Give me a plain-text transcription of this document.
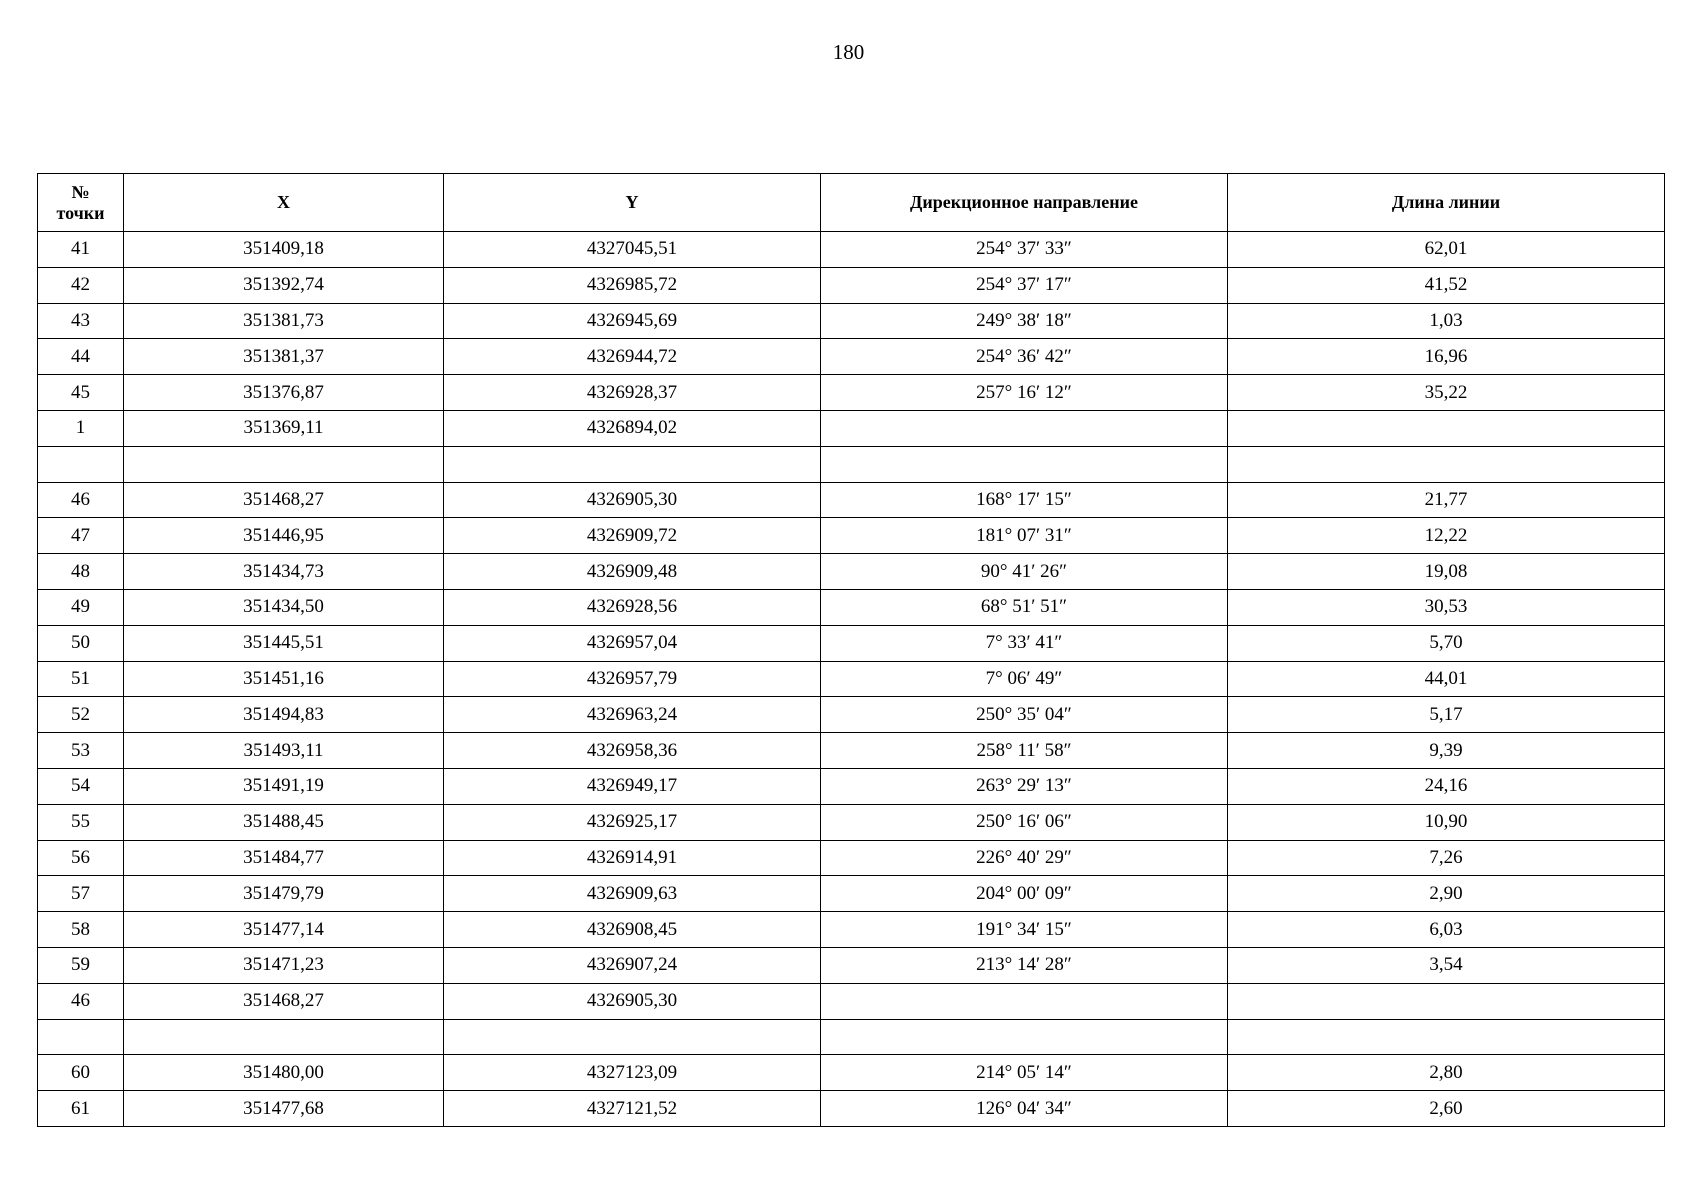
180
№
точки	X	Y	Дирекционное направление	Длина линии
41	351409,18	4327045,51	254° 37′ 33″	62,01
42	351392,74	4326985,72	254° 37′ 17″	41,52
43	351381,73	4326945,69	249° 38′ 18″	1,03
44	351381,37	4326944,72	254° 36′ 42″	16,96
45	351376,87	4326928,37	257° 16′ 12″	35,22
1	351369,11	4326894,02		

46	351468,27	4326905,30	168° 17′ 15″	21,77
47	351446,95	4326909,72	181° 07′ 31″	12,22
48	351434,73	4326909,48	90° 41′ 26″	19,08
49	351434,50	4326928,56	68° 51′ 51″	30,53
50	351445,51	4326957,04	7° 33′ 41″	5,70
51	351451,16	4326957,79	7° 06′ 49″	44,01
52	351494,83	4326963,24	250° 35′ 04″	5,17
53	351493,11	4326958,36	258° 11′ 58″	9,39
54	351491,19	4326949,17	263° 29′ 13″	24,16
55	351488,45	4326925,17	250° 16′ 06″	10,90
56	351484,77	4326914,91	226° 40′ 29″	7,26
57	351479,79	4326909,63	204° 00′ 09″	2,90
58	351477,14	4326908,45	191° 34′ 15″	6,03
59	351471,23	4326907,24	213° 14′ 28″	3,54
46	351468,27	4326905,30		

60	351480,00	4327123,09	214° 05′ 14″	2,80
61	351477,68	4327121,52	126° 04′ 34″	2,60
